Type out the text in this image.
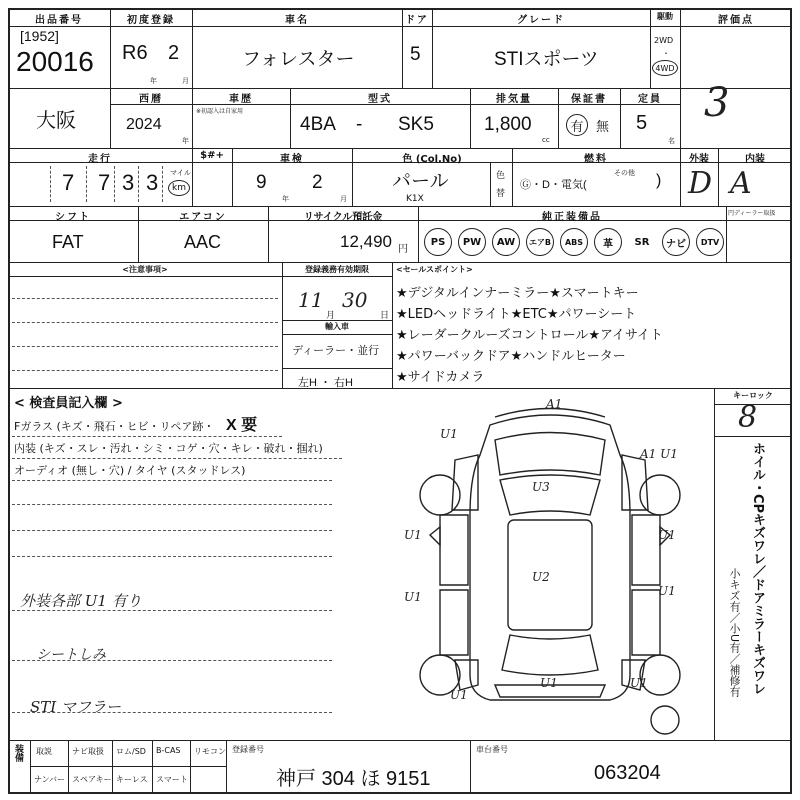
出品番号
[1952]
20016
初度登録
R6 2
年	月
車名
フォレスター
ドア
5
グレード
STIスポーツ
駆動
2WD
・
4WD
評価点
3
大阪
西暦
2024
年
車歴
※初認入は自家用
型式
4BA - SK5
排気量
1,800
cc
保証書
有 無
定員
5
名
走行
7 7 3 3 マイル
km
$#+	車検
9
年
2
月
色 (Col.No)
パール
K1X
色
替
燃料
Ⓖ・D・電気(
その他 )
外装
D
内装
A
シフト
FAT
エアコン
AAC
リサイクル預託金
12,490 円
純正装備品	円ディーラー取扱
PS	PW	AW	エアB	ABS	革	SR	ナビ	DTV
<注意事項>	登録義務有効期限
11
月
30
日
輸入車
ディーラー・並行
左H ・ 右H
<セールスポイント>
★デジタルインナーミラー★スマートキー
★LEDヘッドライト★ETC★パワーシート
★レーダークルーズコントロール★アイサイト
★パワーバックドア★ハンドルヒーター
★サイドカメラ
< 検査員記入欄 >
Fガラス (キズ・飛石・ヒビ・リペア跡・ X 要
内装 (キズ・スレ・汚れ・シミ・コゲ・穴・キレ・破れ・掴れ)
オーディオ (無し・穴) / タイヤ (スタッドレス)
外装各部 U1 有り
シートしみ
STI マフラー
キーロック
8
ホイル・CPキズワレ／ドアミラーキズワレ
小キズ有／小U有／補修有
A1
U1
A1 U1
U3
U1	U1
U2
U1	U1
U1
U1	U1
装備 取説	ナビ取扱 ロム/SD B-CAS リモコン
ナンバー スペアキー キーレス スマート
登録番号
神戸 304 ほ 9151
車台番号
063204
